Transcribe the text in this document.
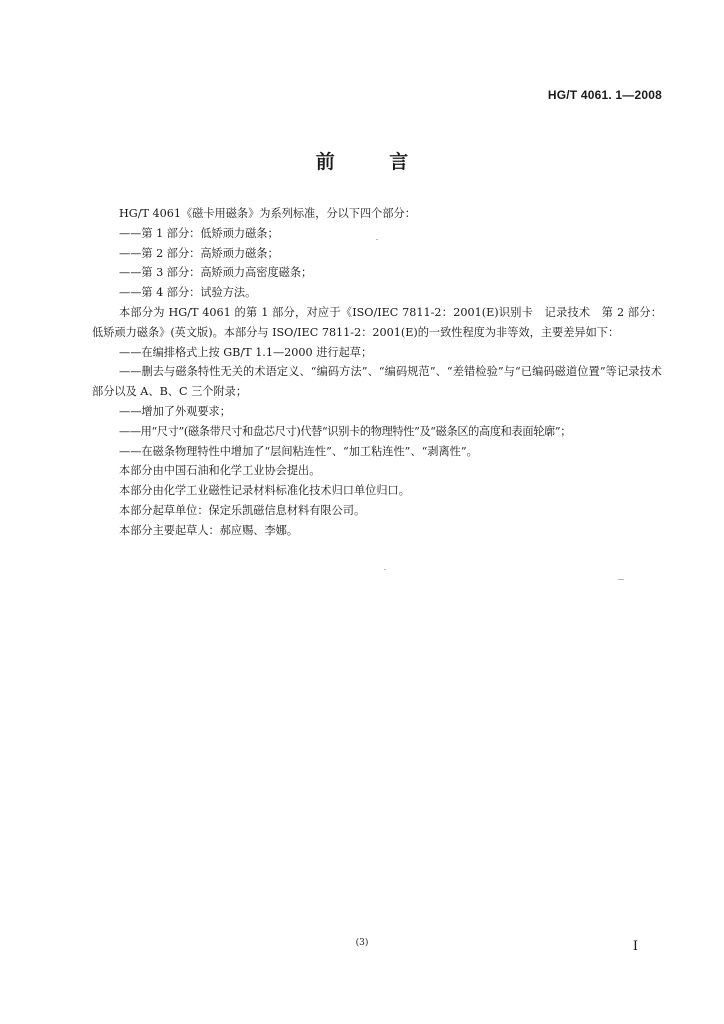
HG/T 4061. 1—2008
前 言

HG/T 4061《磁卡用磁条》为系列标准，分以下四个部分：

——第 1 部分：低矫顽力磁条；

——第 2 部分：高矫顽力磁条；

——第 3 部分：高矫顽力高密度磁条；

——第 4 部分：试验方法。

本部分为 HG/T 4061 的第 1 部分，对应于《ISO/IEC 7811-2：2001(E)识别卡　记录技术　第 2 部分：低矫顽力磁条》(英文版)。本部分与 ISO/IEC 7811-2：2001(E)的一致性程度为非等效，主要差异如下：

——在编排格式上按 GB/T 1.1—2000 进行起草；

——删去与磁条特性无关的术语定义、“编码方法”、“编码规范”、“差错检验”与“已编码磁道位置”等记录技术部分以及 A、B、C 三个附录；

——增加了外观要求；

——用“尺寸”(磁条带尺寸和盘芯尺寸)代替“识别卡的物理特性”及“磁条区的高度和表面轮廓”；

——在磁条物理特性中增加了“层间粘连性”、“加工粘连性”、“剥离性”。

本部分由中国石油和化学工业协会提出。

本部分由化学工业磁性记录材料标准化技术归口单位归口。

本部分起草单位：保定乐凯磁信息材料有限公司。

本部分主要起草人：郝应赐、李娜。

(3)	I
